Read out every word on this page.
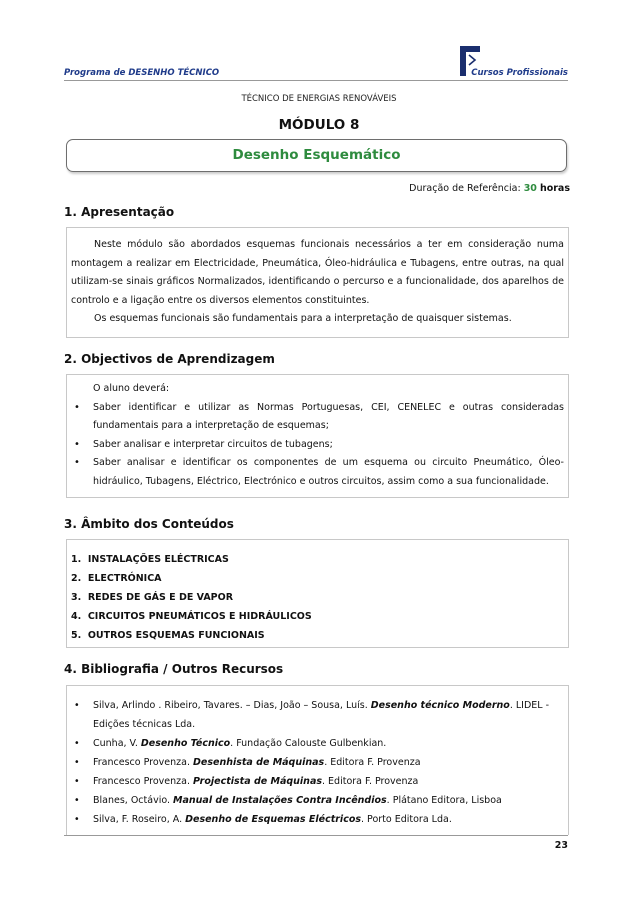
Programa de DESENHO TÉCNICO	Cursos Profissionais
TÉCNICO DE ENERGIAS RENOVÁVEIS
MÓDULO 8
Desenho Esquemático
Duração de Referência: 30 horas
1. Apresentação
Neste módulo são abordados esquemas funcionais necessários a ter em consideração numa montagem a realizar em Electricidade, Pneumática, Óleo-hidráulica e Tubagens, entre outras, na qual utilizam-se sinais gráficos Normalizados, identificando o percurso e a funcionalidade, dos aparelhos de controlo e a ligação entre os diversos elementos constituintes.
Os esquemas funcionais são fundamentais para a interpretação de quaisquer sistemas.
2. Objectivos de Aprendizagem
O aluno deverá:
• Saber identificar e utilizar as Normas Portuguesas, CEI, CENELEC e outras consideradas fundamentais para a interpretação de esquemas;
• Saber analisar e interpretar circuitos de tubagens;
• Saber analisar e identificar os componentes de um esquema ou circuito Pneumático, Óleo-hidráulico, Tubagens, Eléctrico, Electrónico e outros circuitos, assim como a sua funcionalidade.
3. Âmbito dos Conteúdos
1.  INSTALAÇÕES ELÉCTRICAS
2.  ELECTRÓNICA
3.  REDES DE GÁS E DE VAPOR
4.  CIRCUITOS PNEUMÁTICOS E HIDRÁULICOS
5.  OUTROS ESQUEMAS FUNCIONAIS
4. Bibliografia / Outros Recursos
• Silva, Arlindo . Ribeiro, Tavares. – Dias, João – Sousa, Luís. Desenho técnico Moderno. LIDEL - Edições técnicas Lda.
• Cunha, V. Desenho Técnico. Fundação Calouste Gulbenkian.
• Francesco Provenza. Desenhista de Máquinas. Editora F. Provenza
• Francesco Provenza. Projectista de Máquinas. Editora F. Provenza
• Blanes, Octávio. Manual de Instalações Contra Incêndios. Plátano Editora, Lisboa
• Silva, F. Roseiro, A. Desenho de Esquemas Eléctricos. Porto Editora Lda.
23
